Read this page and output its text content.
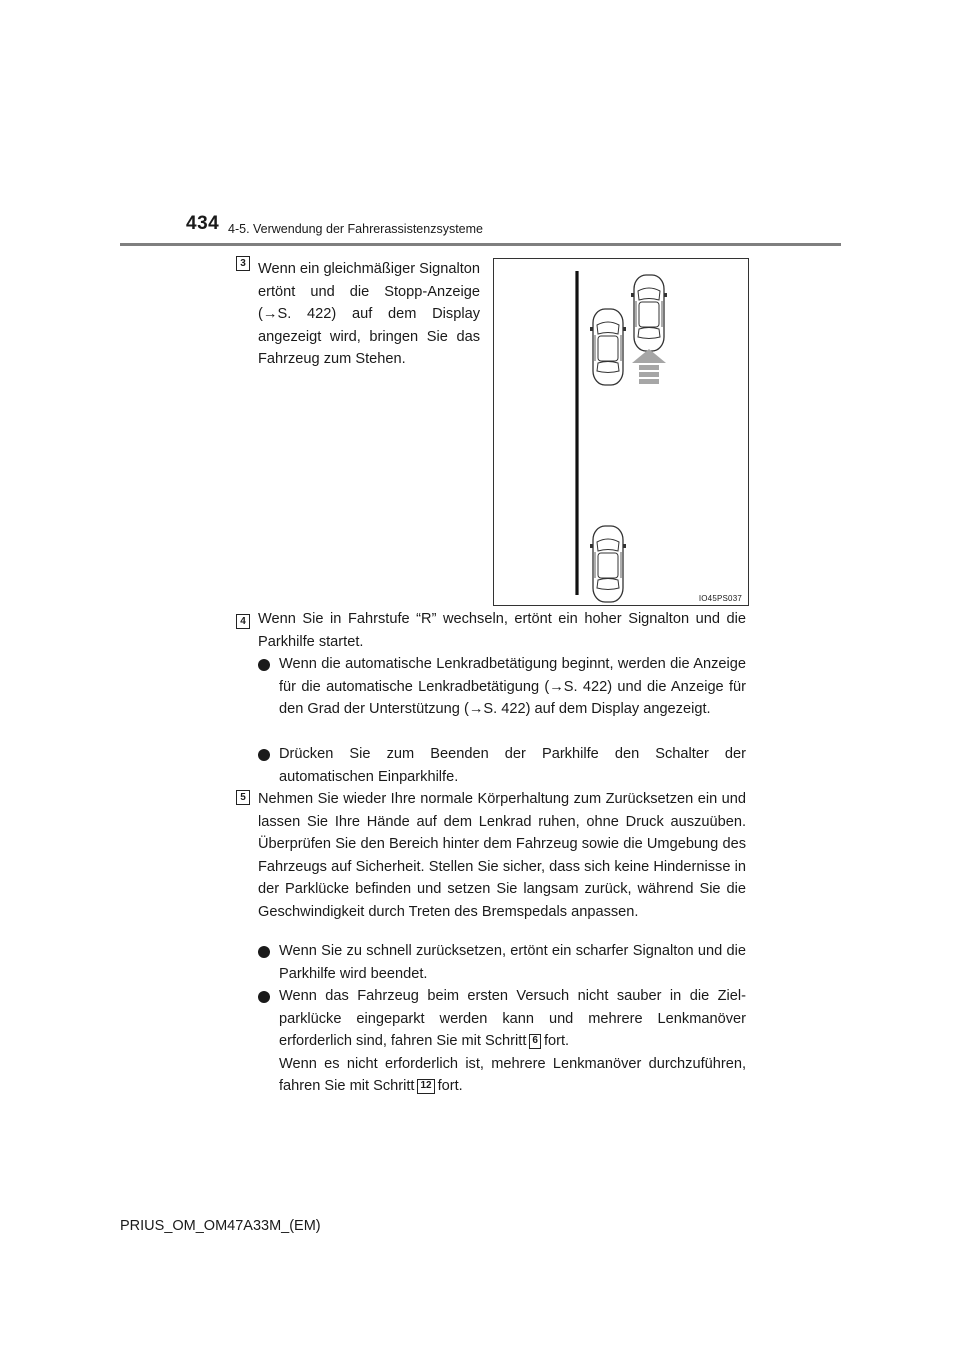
434 4-5. Verwendung der Fahrerassistenzsysteme
3 Wenn ein gleichmäßiger Signalton ertönt und die Stopp-Anzeige (→S. 422) auf dem Display angezeigt wird, bringen Sie das Fahrzeug zum Stehen.
IO45PS037
4 Wenn Sie in Fahrstufe “R” wechseln, ertönt ein hoher Signalton und die Parkhilfe startet.
Wenn die automatische Lenkradbetätigung beginnt, werden die Anzeige für die automatische Lenkradbetätigung (→S. 422) und die Anzeige für den Grad der Unterstützung (→S. 422) auf dem Display angezeigt.
Drücken Sie zum Beenden der Parkhilfe den Schalter der automatischen Einparkhilfe.
5 Nehmen Sie wieder Ihre normale Körperhaltung zum Zurücksetzen ein und lassen Sie Ihre Hände auf dem Lenkrad ruhen, ohne Druck auszuüben. Überprüfen Sie den Bereich hinter dem Fahrzeug sowie die Umgebung des Fahrzeugs auf Sicherheit. Stellen Sie sicher, dass sich keine Hindernisse in der Parklücke befinden und setzen Sie langsam zurück, während Sie die Geschwindigkeit durch Treten des Bremspedals anpassen.
Wenn Sie zu schnell zurücksetzen, ertönt ein scharfer Signalton und die Parkhilfe wird beendet.
Wenn das Fahrzeug beim ersten Versuch nicht sauber in die Ziel-parklücke eingeparkt werden kann und mehrere Lenkmanöver erforderlich sind, fahren Sie mit Schritt 6 fort.
Wenn es nicht erforderlich ist, mehrere Lenkmanöver durchzuführen, fahren Sie mit Schritt 12 fort.
PRIUS_OM_OM47A33M_(EM)
